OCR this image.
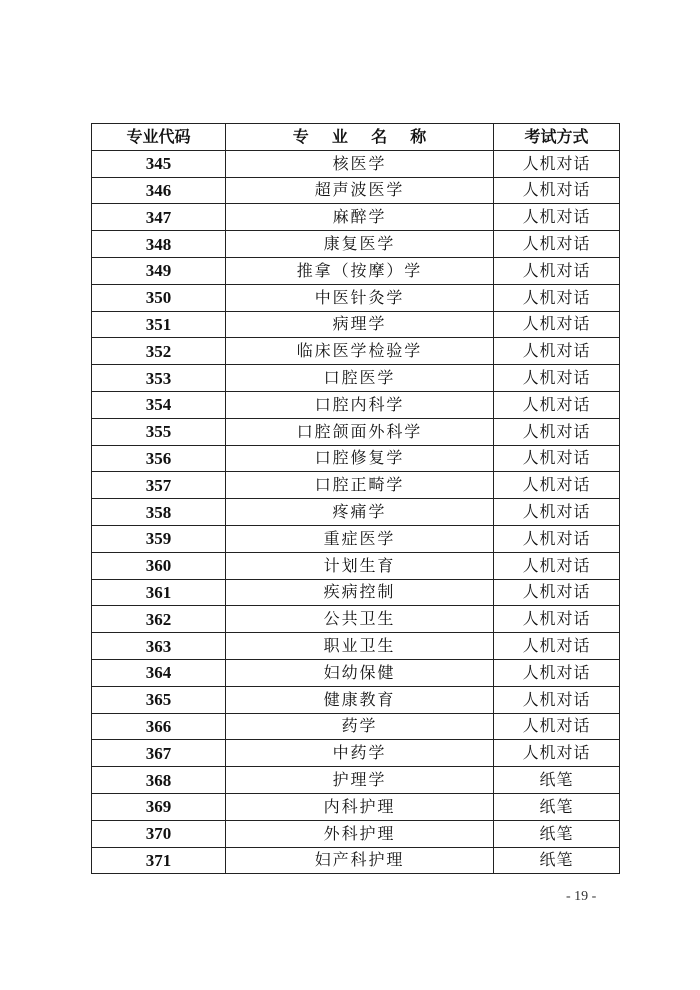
专业代码	专 业 名 称	考试方式
345	核医学	人机对话
346	超声波医学	人机对话
347	麻醉学	人机对话
348	康复医学	人机对话
349	推拿（按摩）学	人机对话
350	中医针灸学	人机对话
351	病理学	人机对话
352	临床医学检验学	人机对话
353	口腔医学	人机对话
354	口腔内科学	人机对话
355	口腔颌面外科学	人机对话
356	口腔修复学	人机对话
357	口腔正畸学	人机对话
358	疼痛学	人机对话
359	重症医学	人机对话
360	计划生育	人机对话
361	疾病控制	人机对话
362	公共卫生	人机对话
363	职业卫生	人机对话
364	妇幼保健	人机对话
365	健康教育	人机对话
366	药学	人机对话
367	中药学	人机对话
368	护理学	纸笔
369	内科护理	纸笔
370	外科护理	纸笔
371	妇产科护理	纸笔
- 19 -
